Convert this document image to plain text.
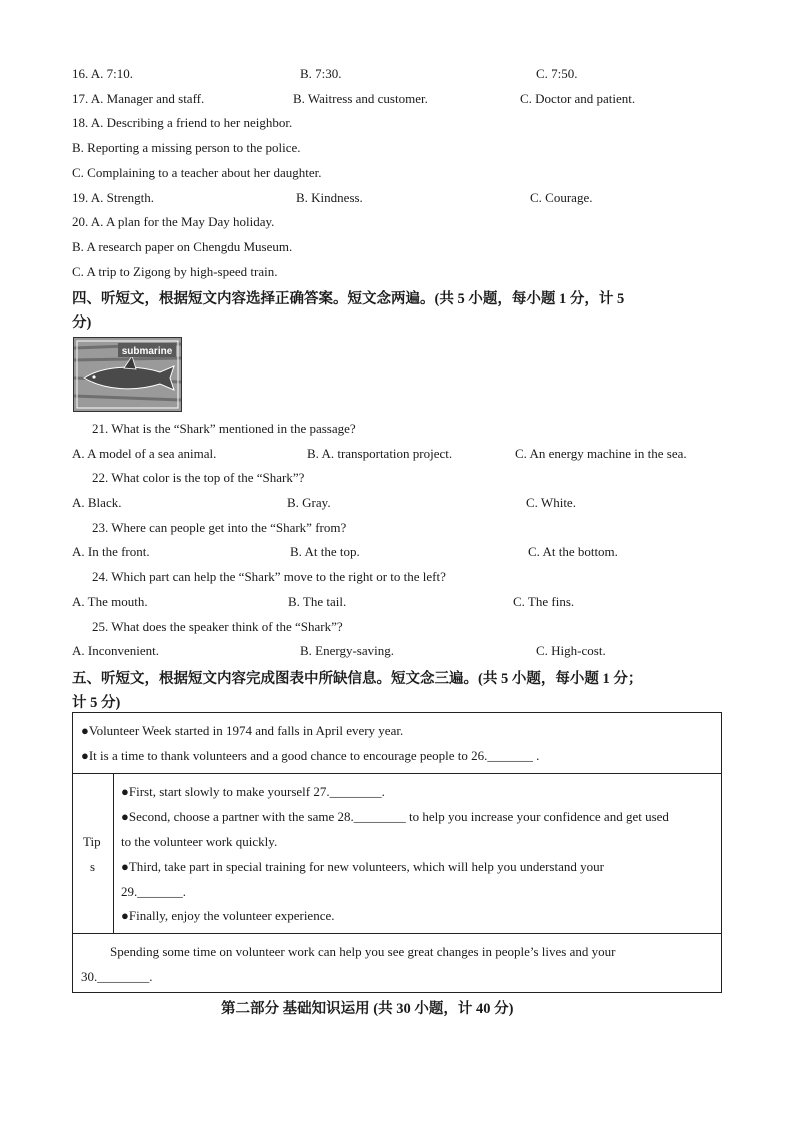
16. A. 7:10.	B. 7:30.	C. 7:50.
17. A. Manager and staff.	B. Waitress and customer.	C. Doctor and patient.
18. A. Describing a friend to her neighbor.
B. Reporting a missing person to the police.
C. Complaining to a teacher about her daughter.
19. A. Strength.	B. Kindness.	C. Courage.
20. A. A plan for the May Day holiday.
B. A research paper on Chengdu Museum.
C. A trip to Zigong by high-speed train.
四、听短文，根据短文内容选择正确答案。短文念两遍。(共 5 小题，每小题 1 分，计 5
分)
submarine
21. What is the “Shark” mentioned in the passage?
A. A model of a sea animal.	B. A. transportation project.	C. An energy machine in the sea.
22. What color is the top of the “Shark”?
A. Black.	B. Gray.	C. White.
23. Where can people get into the “Shark” from?
A. In the front.	B. At the top.	C. At the bottom.
24. Which part can help the “Shark” move to the right or to the left?
A. The mouth.	B. The tail.	C. The fins.
25. What does the speaker think of the “Shark”?
A. Inconvenient.	B. Energy-saving.	C. High-cost.
五、听短文，根据短文内容完成图表中所缺信息。短文念三遍。(共 5 小题，每小题 1 分；
计 5 分)
●Volunteer Week started in 1974 and falls in April every year.
●It is a time to thank volunteers and a good chance to encourage people to 26._______ .
Tip
s
●First, start slowly to make yourself 27.________.
●Second, choose a partner with the same 28.________ to help you increase your confidence and get used
to the volunteer work quickly.
●Third, take part in special training for new volunteers, which will help you understand your
29._______.
●Finally, enjoy the volunteer experience.
Spending some time on volunteer work can help you see great changes in people’s lives and your
30.________.
第二部分 基础知识运用 (共 30 小题，计 40 分)
